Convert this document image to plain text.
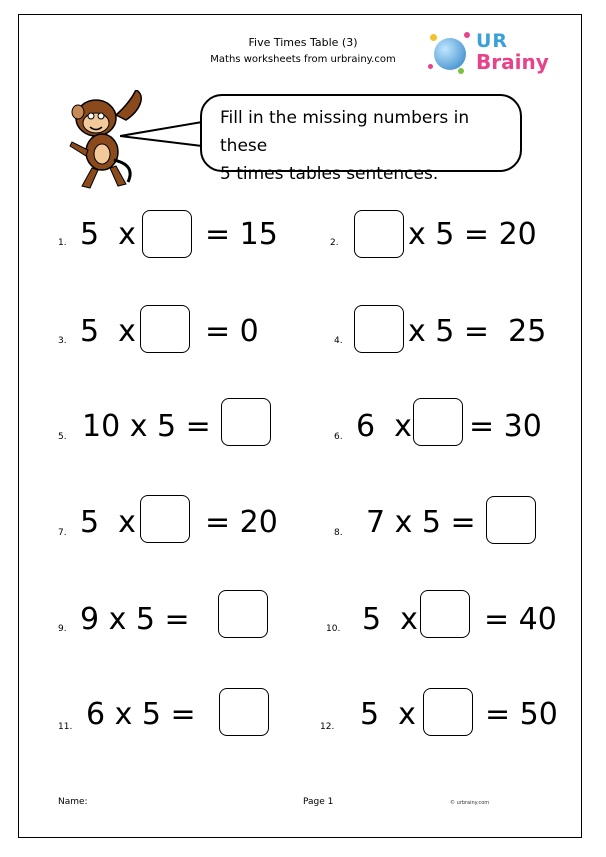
Five Times Table (3)
Maths worksheets from urbrainy.com
UR
Brainy
Fill in the missing numbers in these
5 times tables sentences.
1. 5  x = 15	2. x 5 = 20
3. 5  x = 0	4. x 5 =  25
5. 10 x 5 =	6. 6  x = 30
7. 5  x = 20	8. 7 x 5 =
9. 9 x 5 =	10. 5  x = 40
11. 6 x 5 =	12. 5  x = 50
Name:	Page 1	© urbrainy.com
